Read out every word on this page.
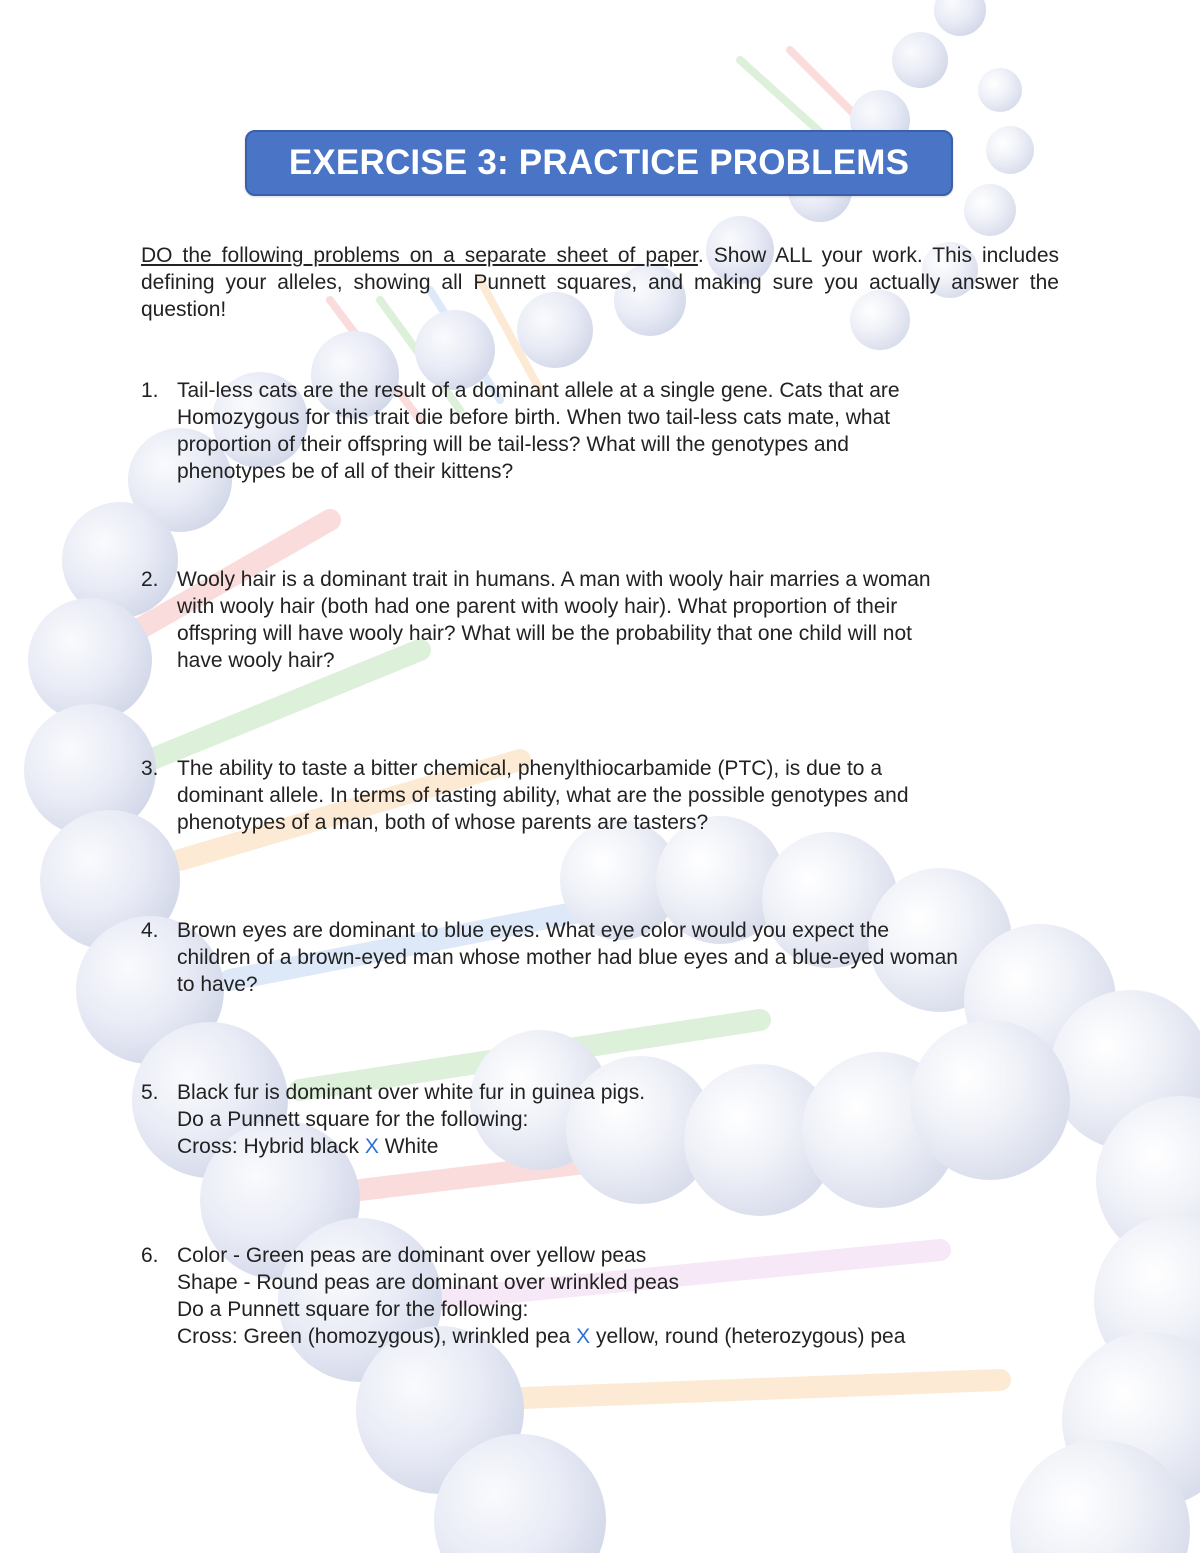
EXERCISE 3: PRACTICE PROBLEMS
DO the following problems on a separate sheet of paper. Show ALL your work. This includes defining your alleles, showing all Punnett squares, and making sure you actually answer the question!
1. Tail-less cats are the result of a dominant allele at a single gene. Cats that are
Homozygous for this trait die before birth. When two tail-less cats mate, what
proportion of their offspring will be tail-less? What will the genotypes and
phenotypes be of all of their kittens?
2. Wooly hair is a dominant trait in humans. A man with wooly hair marries a woman
with wooly hair (both had one parent with wooly hair). What proportion of their
offspring will have wooly hair? What will be the probability that one child will not
have wooly hair?
3. The ability to taste a bitter chemical, phenylthiocarbamide (PTC), is due to a
dominant allele. In terms of tasting ability, what are the possible genotypes and
phenotypes of a man, both of whose parents are tasters?
4. Brown eyes are dominant to blue eyes. What eye color would you expect the
children of a brown-eyed man whose mother had blue eyes and a blue-eyed woman
to have?
5. Black fur is dominant over white fur in guinea pigs.
Do a Punnett square for the following:
Cross: Hybrid black X White
6. Color - Green peas are dominant over yellow peas
Shape - Round peas are dominant over wrinkled peas
Do a Punnett square for the following:
Cross: Green (homozygous), wrinkled pea X yellow, round (heterozygous) pea
